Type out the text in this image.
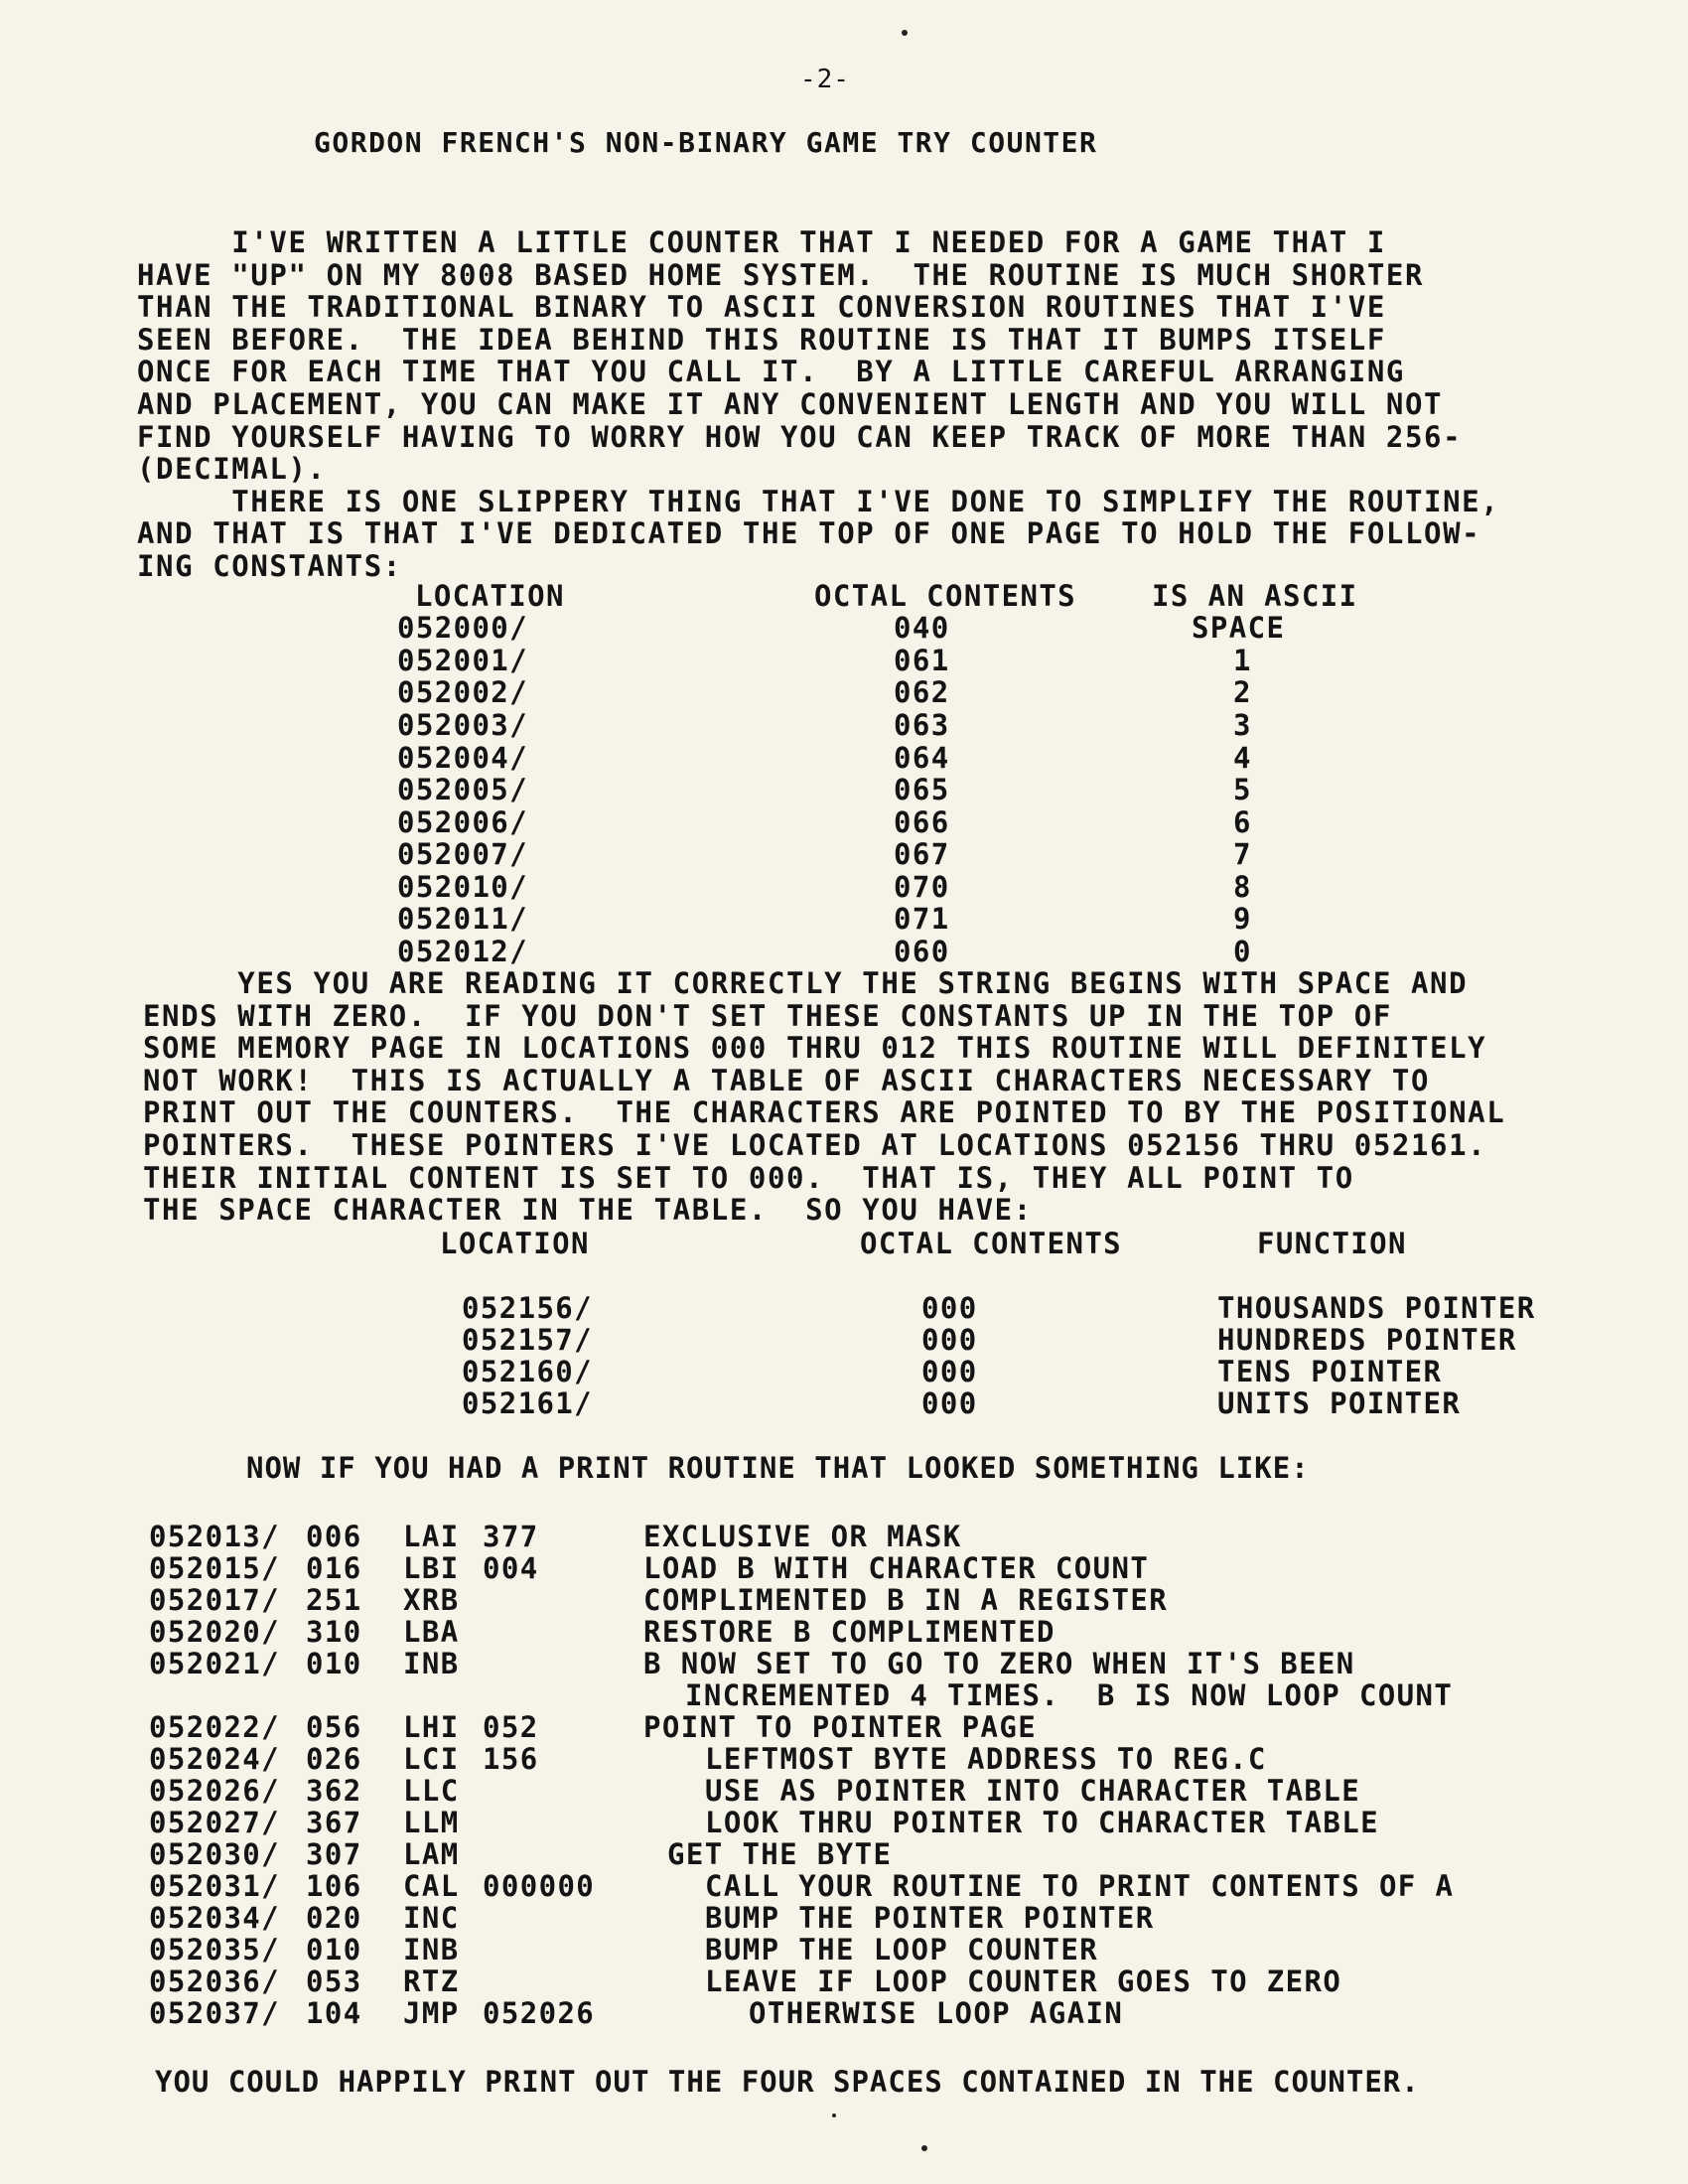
-2-
GORDON FRENCH'S NON-BINARY GAME TRY COUNTER
I'VE WRITTEN A LITTLE COUNTER THAT I NEEDED FOR A GAME THAT I
HAVE "UP" ON MY 8008 BASED HOME SYSTEM.  THE ROUTINE IS MUCH SHORTER
THAN THE TRADITIONAL BINARY TO ASCII CONVERSION ROUTINES THAT I'VE
SEEN BEFORE.  THE IDEA BEHIND THIS ROUTINE IS THAT IT BUMPS ITSELF
ONCE FOR EACH TIME THAT YOU CALL IT.  BY A LITTLE CAREFUL ARRANGING
AND PLACEMENT, YOU CAN MAKE IT ANY CONVENIENT LENGTH AND YOU WILL NOT
FIND YOURSELF HAVING TO WORRY HOW YOU CAN KEEP TRACK OF MORE THAN 256-
(DECIMAL).
THERE IS ONE SLIPPERY THING THAT I'VE DONE TO SIMPLIFY THE ROUTINE,
AND THAT IS THAT I'VE DEDICATED THE TOP OF ONE PAGE TO HOLD THE FOLLOW-
ING CONSTANTS:
LOCATION	OCTAL CONTENTS	IS AN ASCII
052000/	040	SPACE
052001/	061	1
052002/	062	2
052003/	063	3
052004/	064	4
052005/	065	5
052006/	066	6
052007/	067	7
052010/	070	8
052011/	071	9
052012/	060	0
YES YOU ARE READING IT CORRECTLY THE STRING BEGINS WITH SPACE AND
ENDS WITH ZERO.  IF YOU DON'T SET THESE CONSTANTS UP IN THE TOP OF
SOME MEMORY PAGE IN LOCATIONS 000 THRU 012 THIS ROUTINE WILL DEFINITELY
NOT WORK!  THIS IS ACTUALLY A TABLE OF ASCII CHARACTERS NECESSARY TO
PRINT OUT THE COUNTERS.  THE CHARACTERS ARE POINTED TO BY THE POSITIONAL
POINTERS.  THESE POINTERS I'VE LOCATED AT LOCATIONS 052156 THRU 052161.
THEIR INITIAL CONTENT IS SET TO 000.  THAT IS, THEY ALL POINT TO
THE SPACE CHARACTER IN THE TABLE.  SO YOU HAVE:
LOCATION	OCTAL CONTENTS	FUNCTION
052156/	000	THOUSANDS POINTER
052157/	000	HUNDREDS POINTER
052160/	000	TENS POINTER
052161/	000	UNITS POINTER
NOW IF YOU HAD A PRINT ROUTINE THAT LOOKED SOMETHING LIKE:
052013/ 006 LAI 377	EXCLUSIVE OR MASK
052015/ 016 LBI 004	LOAD B WITH CHARACTER COUNT
052017/ 251 XRB	COMPLIMENTED B IN A REGISTER
052020/ 310 LBA	RESTORE B COMPLIMENTED
052021/ 010 INB	B NOW SET TO GO TO ZERO WHEN IT'S BEEN
INCREMENTED 4 TIMES.  B IS NOW LOOP COUNT
052022/ 056 LHI 052	POINT TO POINTER PAGE
052024/ 026 LCI 156	LEFTMOST BYTE ADDRESS TO REG.C
052026/ 362 LLC	USE AS POINTER INTO CHARACTER TABLE
052027/ 367 LLM	LOOK THRU POINTER TO CHARACTER TABLE
052030/ 307 LAM	GET THE BYTE
052031/ 106 CAL 000000	CALL YOUR ROUTINE TO PRINT CONTENTS OF A
052034/ 020 INC	BUMP THE POINTER POINTER
052035/ 010 INB	BUMP THE LOOP COUNTER
052036/ 053 RTZ	LEAVE IF LOOP COUNTER GOES TO ZERO
052037/ 104 JMP 052026	OTHERWISE LOOP AGAIN
YOU COULD HAPPILY PRINT OUT THE FOUR SPACES CONTAINED IN THE COUNTER.
